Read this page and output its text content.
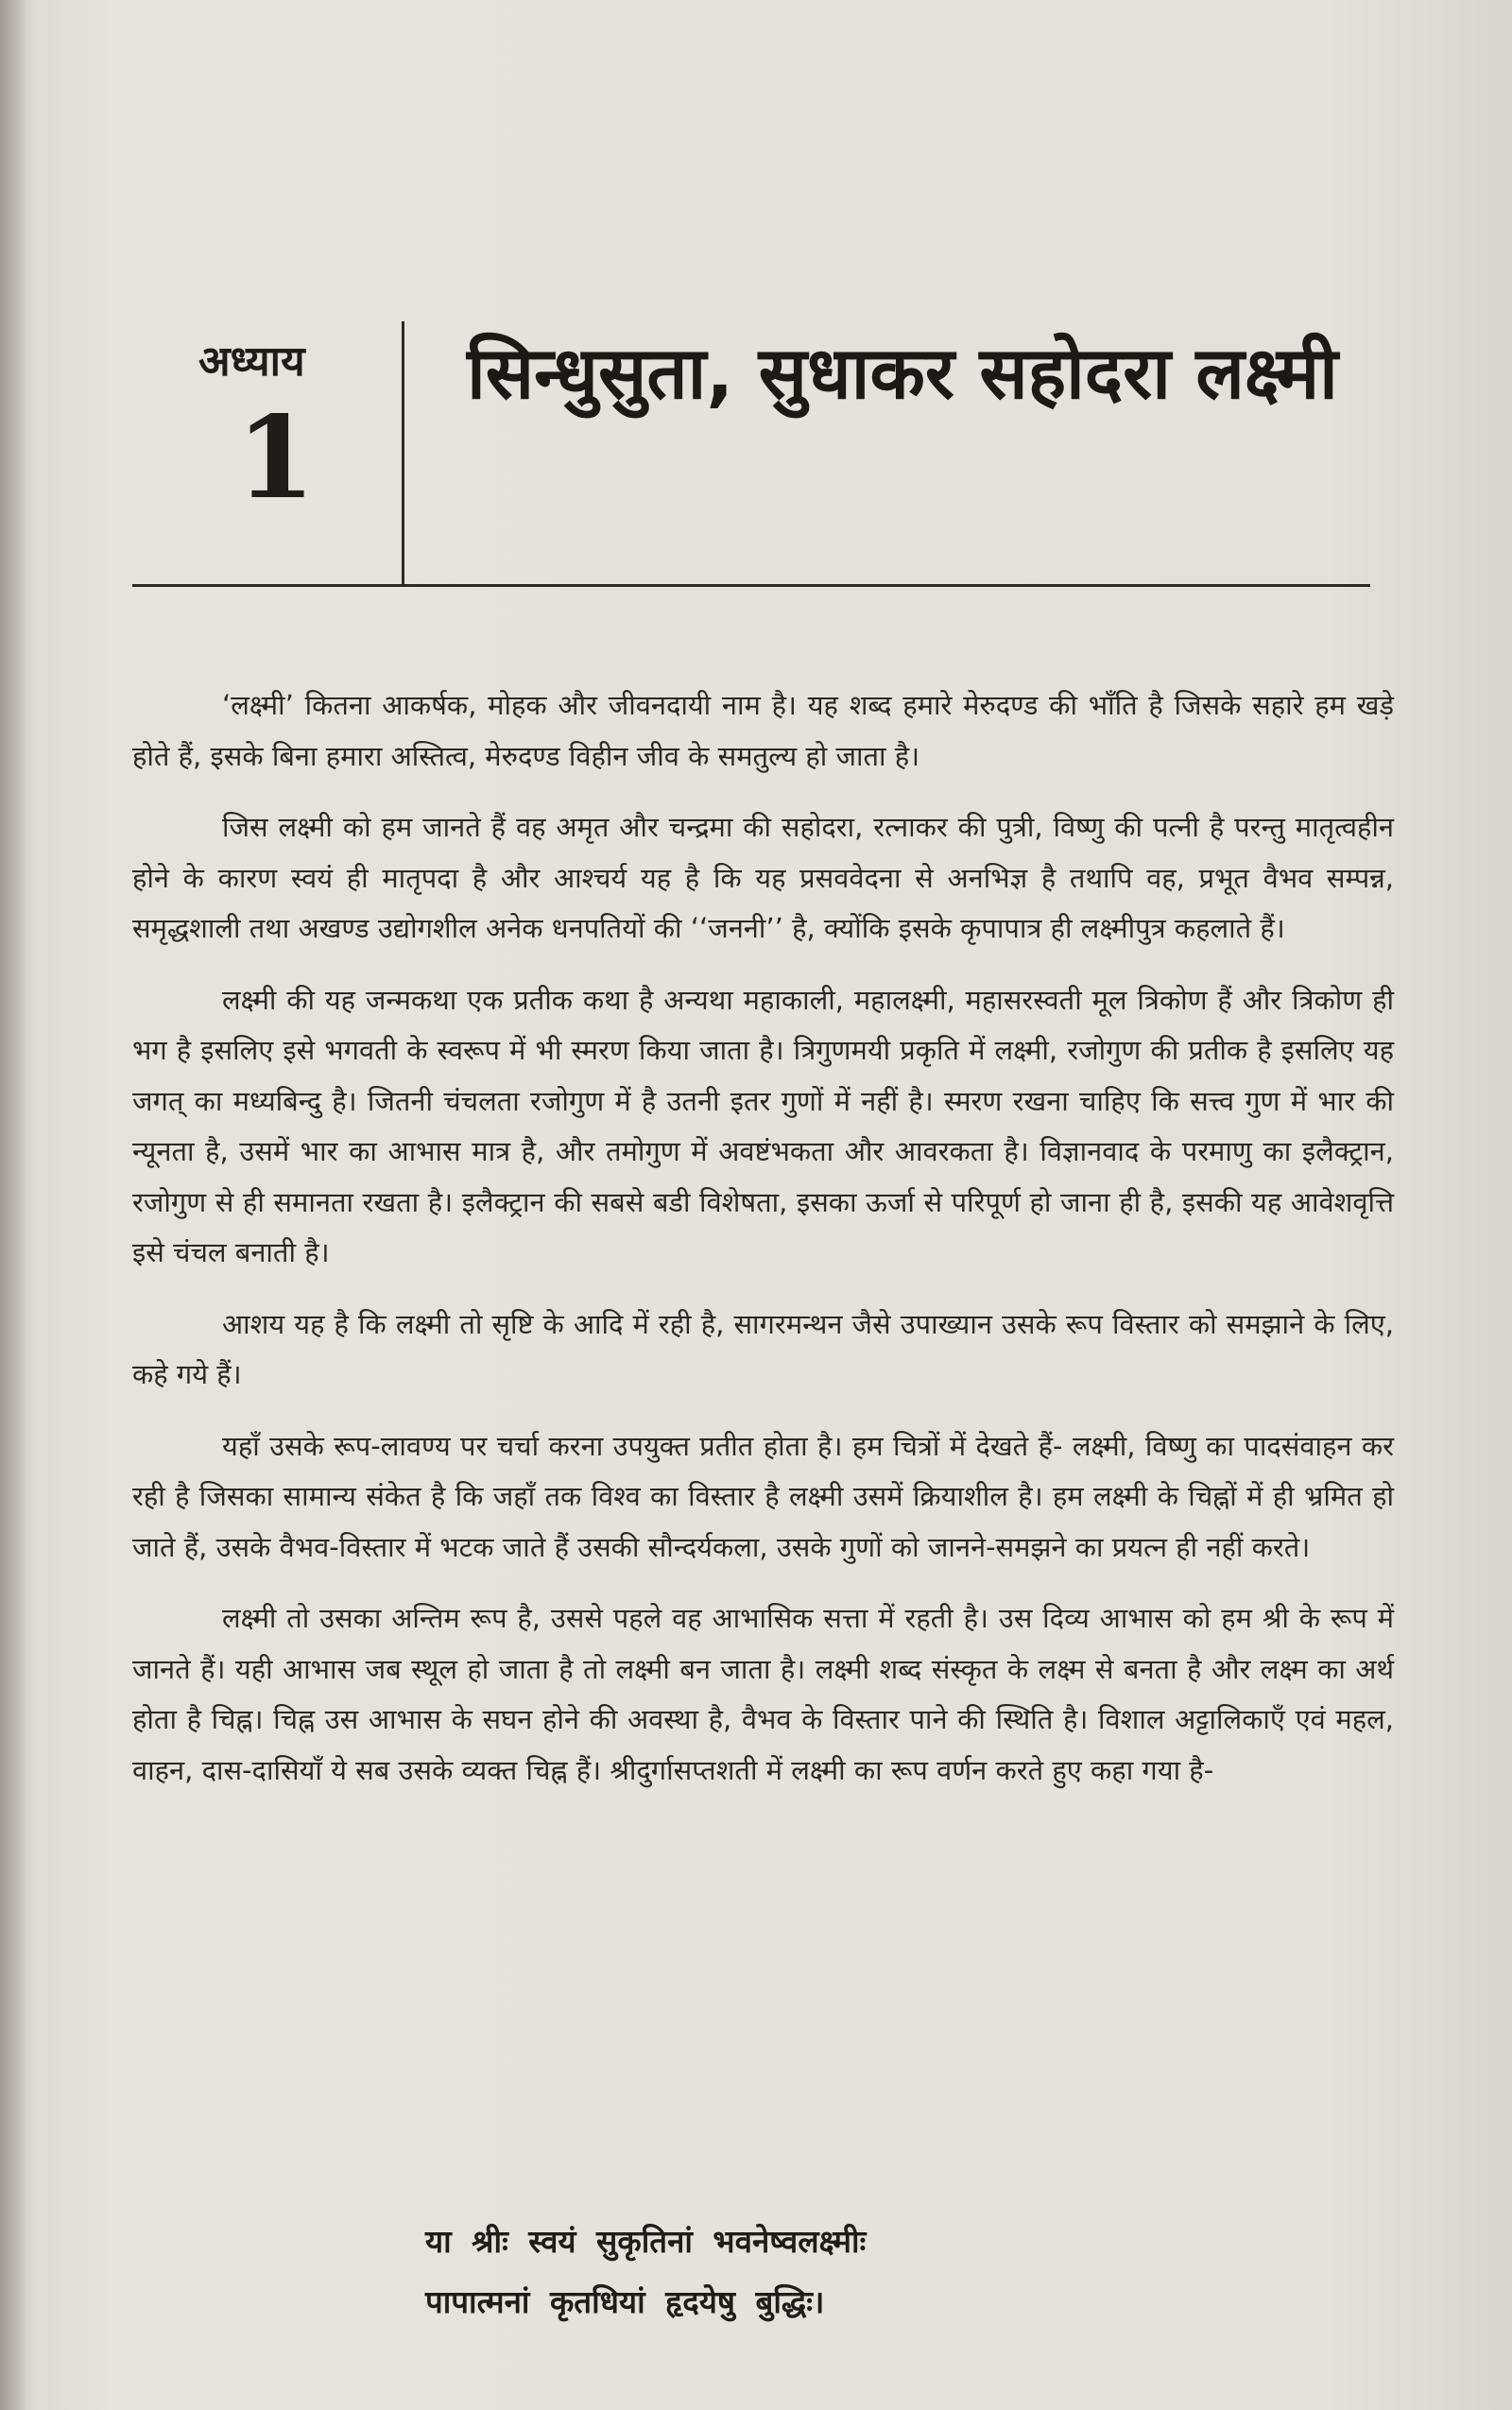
अध्याय
1
सिन्धुसुता, सुधाकर सहोदरा लक्ष्मी

‘लक्ष्मी’ कितना आकर्षक, मोहक और जीवनदायी नाम है। यह शब्द हमारे मेरुदण्ड की भाँति है जिसके सहारे हम खड़े होते हैं, इसके बिना हमारा अस्तित्व, मेरुदण्ड विहीन जीव के समतुल्य हो जाता है।

जिस लक्ष्मी को हम जानते हैं वह अमृत और चन्द्रमा की सहोदरा, रत्नाकर की पुत्री, विष्णु की पत्नी है परन्तु मातृत्वहीन होने के कारण स्वयं ही मातृपदा है और आश्चर्य यह है कि यह प्रसववेदना से अनभिज्ञ है तथापि वह, प्रभूत वैभव सम्पन्न, समृद्धशाली तथा अखण्ड उद्योगशील अनेक धनपतियों की ‘‘जननी’’ है, क्योंकि इसके कृपापात्र ही लक्ष्मीपुत्र कहलाते हैं।

लक्ष्मी की यह जन्मकथा एक प्रतीक कथा है अन्यथा महाकाली, महालक्ष्मी, महासरस्वती मूल त्रिकोण हैं और त्रिकोण ही भग है इसलिए इसे भगवती के स्वरूप में भी स्मरण किया जाता है। त्रिगुणमयी प्रकृति में लक्ष्मी, रजोगुण की प्रतीक है इसलिए यह जगत् का मध्यबिन्दु है। जितनी चंचलता रजोगुण में है उतनी इतर गुणों में नहीं है। स्मरण रखना चाहिए कि सत्त्व गुण में भार की न्यूनता है, उसमें भार का आभास मात्र है, और तमोगुण में अवष्टंभकता और आवरकता है। विज्ञानवाद के परमाणु का इलैक्ट्रान, रजोगुण से ही समानता रखता है। इलैक्ट्रान की सबसे बडी विशेषता, इसका ऊर्जा से परिपूर्ण हो जाना ही है, इसकी यह आवेशवृत्ति इसे चंचल बनाती है।

आशय यह है कि लक्ष्मी तो सृष्टि के आदि में रही है, सागरमन्थन जैसे उपाख्यान उसके रूप विस्तार को समझाने के लिए, कहे गये हैं।

यहाँ उसके रूप-लावण्य पर चर्चा करना उपयुक्त प्रतीत होता है। हम चित्रों में देखते हैं- लक्ष्मी, विष्णु का पादसंवाहन कर रही है जिसका सामान्य संकेत है कि जहाँ तक विश्व का विस्तार है लक्ष्मी उसमें क्रियाशील है। हम लक्ष्मी के चिह्नों में ही भ्रमित हो जाते हैं, उसके वैभव-विस्तार में भटक जाते हैं उसकी सौन्दर्यकला, उसके गुणों को जानने-समझने का प्रयत्न ही नहीं करते।

लक्ष्मी तो उसका अन्तिम रूप है, उससे पहले वह आभासिक सत्ता में रहती है। उस दिव्य आभास को हम श्री के रूप में जानते हैं। यही आभास जब स्थूल हो जाता है तो लक्ष्मी बन जाता है। लक्ष्मी शब्द संस्कृत के लक्ष्म से बनता है और लक्ष्म का अर्थ होता है चिह्न। चिह्न उस आभास के सघन होने की अवस्था है, वैभव के विस्तार पाने की स्थिति है। विशाल अट्टालिकाएँ एवं महल, वाहन, दास-दासियाँ ये सब उसके व्यक्त चिह्न हैं। श्रीदुर्गासप्तशती में लक्ष्मी का रूप वर्णन करते हुए कहा गया है-

या श्रीः स्वयं सुकृतिनां भवनेष्वलक्ष्मीः
पापात्मनां कृतधियां हृदयेषु बुद्धिः।
